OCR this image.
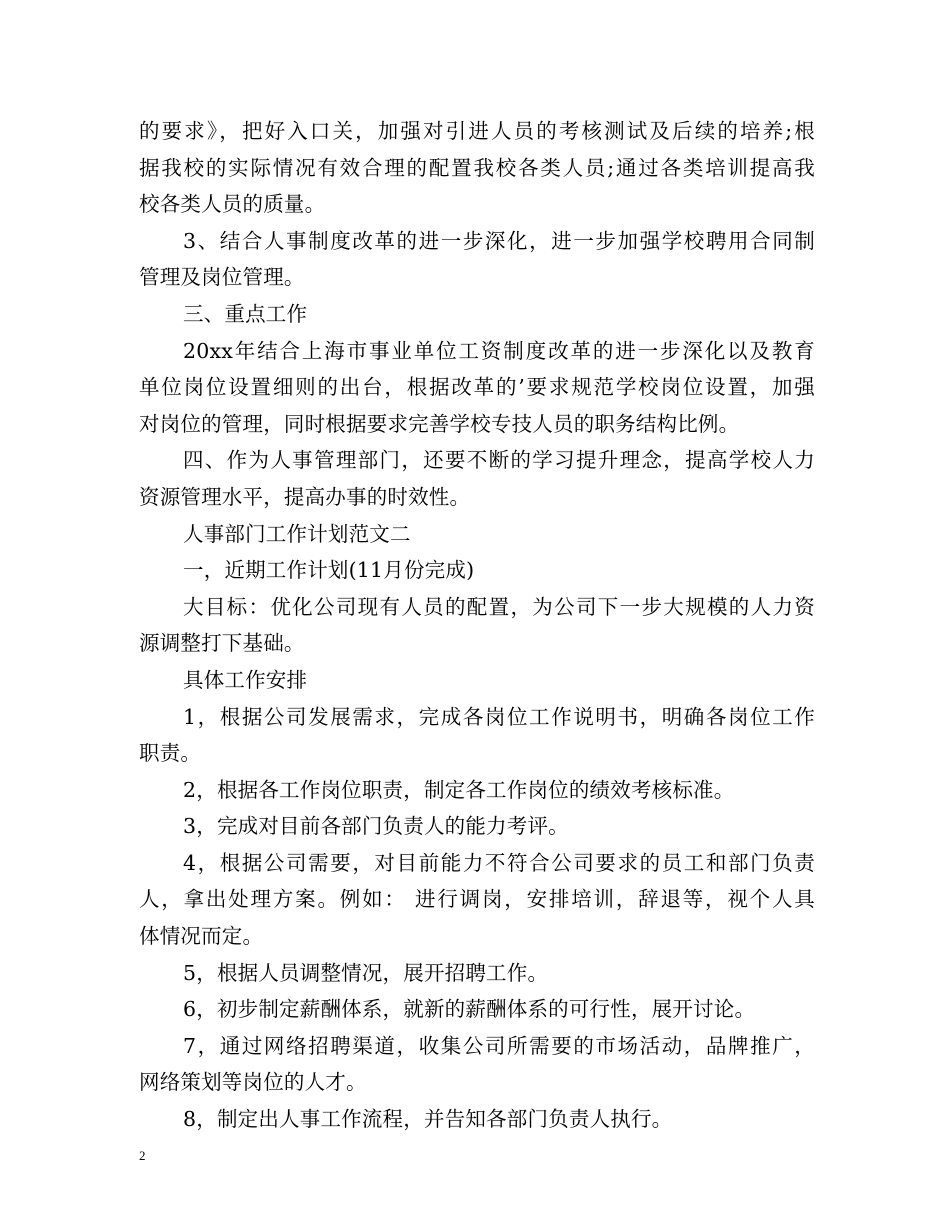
的要求》，把好入口关，加强对引进人员的考核测试及后续的培养;根
据我校的实际情况有效合理的配置我校各类人员;通过各类培训提高我
校各类人员的质量。
3、结合人事制度改革的进一步深化，进一步加强学校聘用合同制
管理及岗位管理。
三、重点工作
20xx年结合上海市事业单位工资制度改革的进一步深化以及教育
单位岗位设置细则的出台，根据改革的’要求规范学校岗位设置，加强
对岗位的管理，同时根据要求完善学校专技人员的职务结构比例。
四、作为人事管理部门，还要不断的学习提升理念，提高学校人力
资源管理水平，提高办事的时效性。
人事部门工作计划范文二
一，近期工作计划(11月份完成)
大目标：优化公司现有人员的配置，为公司下一步大规模的人力资
源调整打下基础。
具体工作安排
1，根据公司发展需求，完成各岗位工作说明书，明确各岗位工作
职责。
2，根据各工作岗位职责，制定各工作岗位的绩效考核标准。
3，完成对目前各部门负责人的能力考评。
4，根据公司需要，对目前能力不符合公司要求的员工和部门负责
人，拿出处理方案。例如： 进行调岗，安排培训，辞退等，视个人具
体情况而定。
5，根据人员调整情况，展开招聘工作。
6，初步制定薪酬体系，就新的薪酬体系的可行性，展开讨论。
7，通过网络招聘渠道，收集公司所需要的市场活动，品牌推广，
网络策划等岗位的人才。
8，制定出人事工作流程，并告知各部门负责人执行。
2
